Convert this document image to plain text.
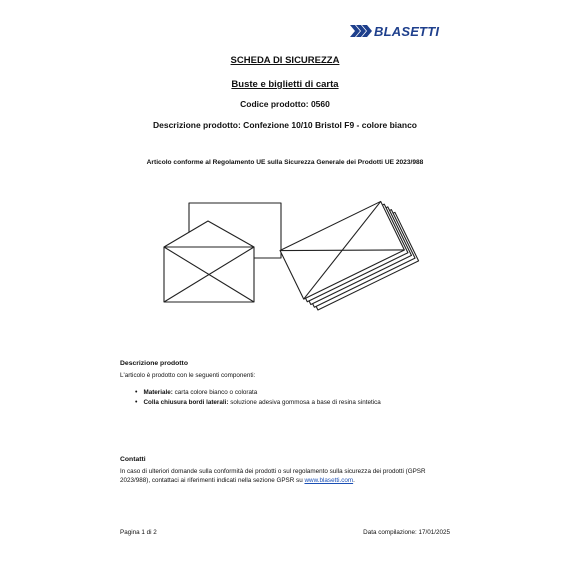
BLASETTI
SCHEDA DI SICUREZZA
Buste e biglietti di carta
Codice prodotto: 0560
Descrizione prodotto: Confezione 10/10 Bristol F9 - colore bianco
Articolo conforme al Regolamento UE sulla Sicurezza Generale dei Prodotti UE 2023/988
Descrizione prodotto
L'articolo è prodotto con le seguenti componenti:
• Materiale: carta colore bianco o colorata
• Colla chiusura bordi laterali: soluzione adesiva gommosa a base di resina sintetica
Contatti
In caso di ulteriori domande sulla conformità dei prodotti o sul regolamento sulla sicurezza dei prodotti (GPSR 2023/988), contattaci ai riferimenti indicati nella sezione GPSR su www.blasetti.com.
Pagina 1 di 2	Data compilazione: 17/01/2025
